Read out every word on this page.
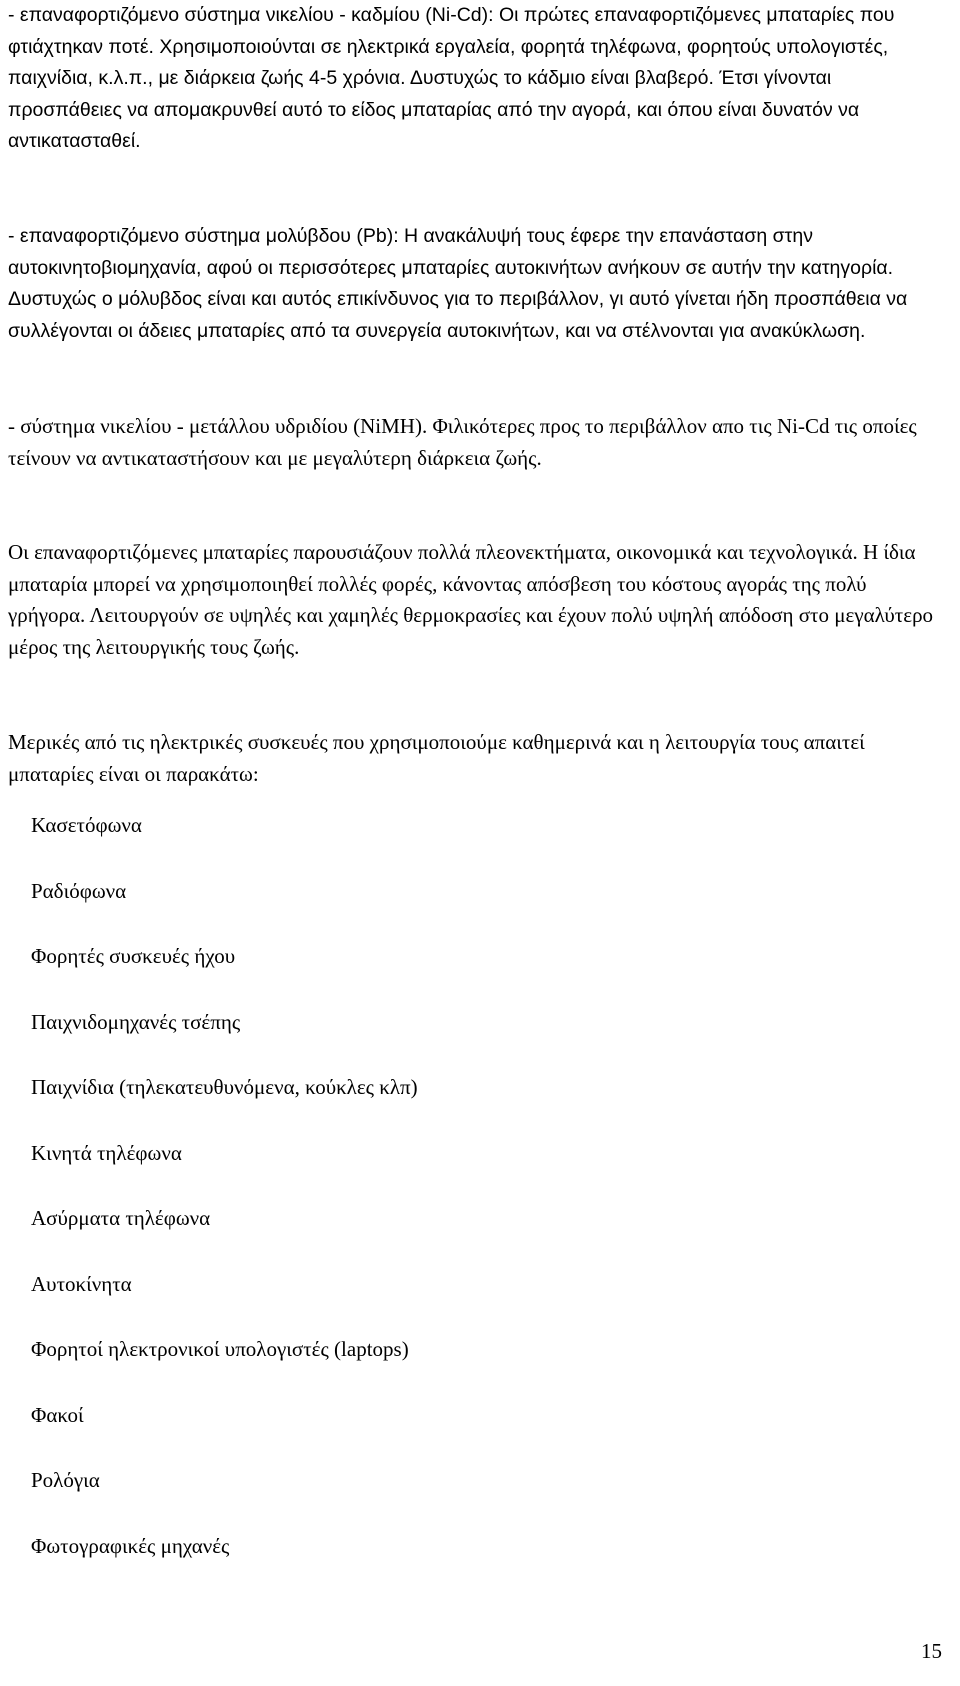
- επαναφορτιζόμενο σύστημα νικελίου - καδμίου (Ni-Cd): Οι πρώτες επαναφορτιζόμενες μπαταρίες που φτιάχτηκαν ποτέ. Χρησιμοποιούνται σε ηλεκτρικά εργαλεία, φορητά τηλέφωνα, φορητούς υπολογιστές, παιχνίδια, κ.λ.π., με διάρκεια ζωής 4-5 χρόνια. Δυστυχώς το κάδμιο είναι βλαβερό. Έτσι γίνονται προσπάθειες να απομακρυνθεί αυτό το είδος μπαταρίας από την αγορά, και όπου είναι δυνατόν να αντικατασταθεί.

- επαναφορτιζόμενο σύστημα μολύβδου (Pb): Η ανακάλυψή τους έφερε την επανάσταση στην αυτοκινητοβιομηχανία, αφού οι περισσότερες μπαταρίες αυτοκινήτων ανήκουν σε αυτήν την κατηγορία. Δυστυχώς ο μόλυβδος είναι και αυτός επικίνδυνος για το περιβάλλον, γι αυτό γίνεται ήδη προσπάθεια να συλλέγονται οι άδειες μπαταρίες από τα συνεργεία αυτοκινήτων, και να στέλνονται για ανακύκλωση.

- σύστημα νικελίου - μετάλλου υδριδίου (NiMH). Φιλικότερες προς το περιβάλλον απο τις Ni-Cd τις οποίες τείνουν να αντικαταστήσουν και με μεγαλύτερη διάρκεια ζωής.

Οι επαναφορτιζόμενες μπαταρίες παρουσιάζουν πολλά πλεονεκτήματα, οικονομικά και τεχνολογικά. Η ίδια μπαταρία μπορεί να χρησιμοποιηθεί πολλές φορές, κάνοντας απόσβεση του κόστους αγοράς της πολύ γρήγορα. Λειτουργούν σε υψηλές και χαμηλές θερμοκρασίες και έχουν πολύ υψηλή απόδοση στο μεγαλύτερο μέρος της λειτουργικής τους ζωής.

Μερικές από τις ηλεκτρικές συσκευές που χρησιμοποιούμε καθημερινά και η λειτουργία τους απαιτεί μπαταρίες είναι οι παρακάτω:

Κασετόφωνα
Ραδιόφωνα
Φορητές συσκευές ήχου
Παιχνιδομηχανές τσέπης
Παιχνίδια (τηλεκατευθυνόμενα, κούκλες κλπ)
Κινητά τηλέφωνα
Ασύρματα τηλέφωνα
Αυτοκίνητα
Φορητοί ηλεκτρονικοί υπολογιστές (laptops)
Φακοί
Ρολόγια
Φωτογραφικές μηχανές
15
